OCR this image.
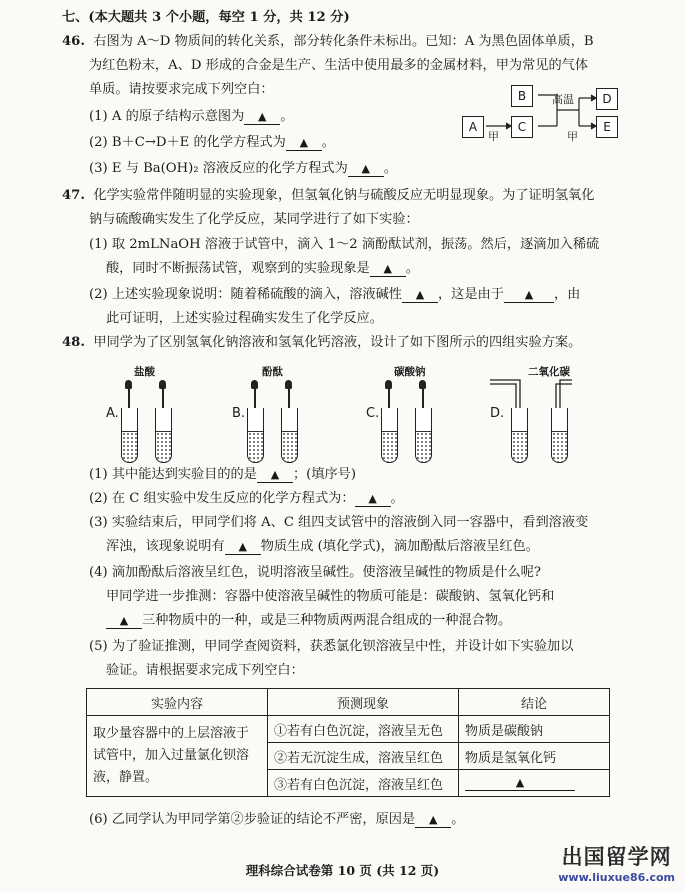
七、(本大题共 3 个小题，每空 1 分，共 12 分)
46. 右图为 A～D 物质间的转化关系，部分转化条件未标出。已知：A 为黑色固体单质，B
为红色粉末，A、D 形成的合金是生产、生活中使用最多的金属材料，甲为常见的气体
单质。请按要求完成下列空白：
(1) A 的原子结构示意图为 ▲ 。
(2) B＋C→D＋E 的化学方程式为 ▲ 。
(3) E 与 Ba(OH)₂ 溶液反应的化学方程式为 ▲ 。
A	C
B	D
E
甲	甲
高温
47. 化学实验常伴随明显的实验现象，但氢氧化钠与硫酸反应无明显现象。为了证明氢氧化
钠与硫酸确实发生了化学反应，某同学进行了如下实验：
(1) 取 2mLNaOH 溶液于试管中，滴入 1～2 滴酚酞试剂，振荡。然后，逐滴加入稀硫
酸，同时不断振荡试管，观察到的实验现象是 ▲ 。
(2) 上述实验现象说明：随着稀硫酸的滴入，溶液碱性 ▲ ，这是由于 ▲ ，由
此可证明，上述实验过程确实发生了化学反应。
48. 甲同学为了区别氢氧化钠溶液和氢氧化钙溶液，设计了如下图所示的四组实验方案。
盐酸
A.
酚酞
B.
碳酸钠
C.
二氧化碳
D.
(1) 其中能达到实验目的的是 ▲ ；(填序号)
(2) 在 C 组实验中发生反应的化学方程式为： ▲ 。
(3) 实验结束后，甲同学们将 A、C 组四支试管中的溶液倒入同一容器中，看到溶液变
浑浊，该现象说明有 ▲ 物质生成 (填化学式)，滴加酚酞后溶液呈红色。
(4) 滴加酚酞后溶液呈红色，说明溶液呈碱性。使溶液呈碱性的物质是什么呢?
甲同学进一步推测：容器中使溶液呈碱性的物质可能是：碳酸钠、氢氧化钙和
▲ 三种物质中的一种，或是三种物质两两混合组成的一种混合物。
(5) 为了验证推测，甲同学查阅资料，获悉氯化钡溶液呈中性，并设计如下实验加以
验证。请根据要求完成下列空白：
实验内容	预测现象	结论

取少量容器中的上层溶液于
试管中，加入过量氯化钡溶
液，静置。	①若有白色沉淀，溶液呈无色	物质是碳酸钠
	②若无沉淀生成，溶液呈红色	物质是氢氧化钙
	③若有白色沉淀，溶液呈红色	▲
(6) 乙同学认为甲同学第②步验证的结论不严密，原因是 ▲ 。
理科综合试卷第 10 页 (共 12 页)
出国留学网
www.liuxue86.com
